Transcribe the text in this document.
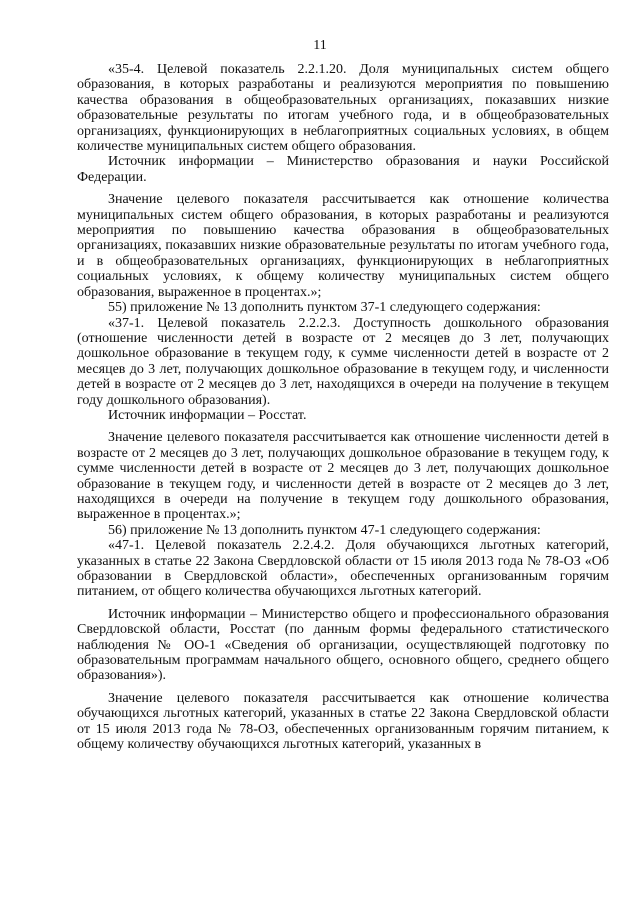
11

«35-4. Целевой показатель 2.2.1.20. Доля муниципальных систем общего образования, в которых разработаны и реализуются мероприятия по повышению качества образования в общеобразовательных организациях, показавших низкие образовательные результаты по итогам учебного года, и в общеобразовательных организациях, функционирующих в неблагоприятных социальных условиях, в общем количестве муниципальных систем общего образования.

Источник информации – Министерство образования и науки Российской Федерации.

Значение целевого показателя рассчитывается как отношение количества муниципальных систем общего образования, в которых разработаны и реализуются мероприятия по повышению качества образования в общеобразовательных организациях, показавших низкие образовательные результаты по итогам учебного года, и в общеобразовательных организациях, функционирующих в неблагоприятных социальных условиях, к общему количеству муниципальных систем общего образования, выраженное в процентах.»;

55) приложение № 13 дополнить пунктом 37-1 следующего содержания:

«37-1. Целевой показатель 2.2.2.3. Доступность дошкольного образования (отношение численности детей в возрасте от 2 месяцев до 3 лет, получающих дошкольное образование в текущем году, к сумме численности детей в возрасте от 2 месяцев до 3 лет, получающих дошкольное образование в текущем году, и численности детей в возрасте от 2 месяцев до 3 лет, находящихся в очереди на получение в текущем году дошкольного образования).

Источник информации – Росстат.

Значение целевого показателя рассчитывается как отношение численности детей в возрасте от 2 месяцев до 3 лет, получающих дошкольное образование в текущем году, к сумме численности детей в возрасте от 2 месяцев до 3 лет, получающих дошкольное образование в текущем году, и численности детей в возрасте от 2 месяцев до 3 лет, находящихся в очереди на получение в текущем году дошкольного образования, выраженное в процентах.»;

56) приложение № 13 дополнить пунктом 47-1 следующего содержания:

«47-1. Целевой показатель 2.2.4.2. Доля обучающихся льготных категорий, указанных в статье 22 Закона Свердловской области от 15 июля 2013 года № 78-ОЗ «Об образовании в Свердловской области», обеспеченных организованным горячим питанием, от общего количества обучающихся льготных категорий.

Источник информации – Министерство общего и профессионального образования Свердловской области, Росстат (по данным формы федерального статистического наблюдения № ОО-1 «Сведения об организации, осуществляющей подготовку по образовательным программам начального общего, основного общего, среднего общего образования»).

Значение целевого показателя рассчитывается как отношение количества обучающихся льготных категорий, указанных в статье 22 Закона Свердловской области от 15 июля 2013 года № 78-ОЗ, обеспеченных организованным горячим питанием, к общему количеству обучающихся льготных категорий, указанных в
